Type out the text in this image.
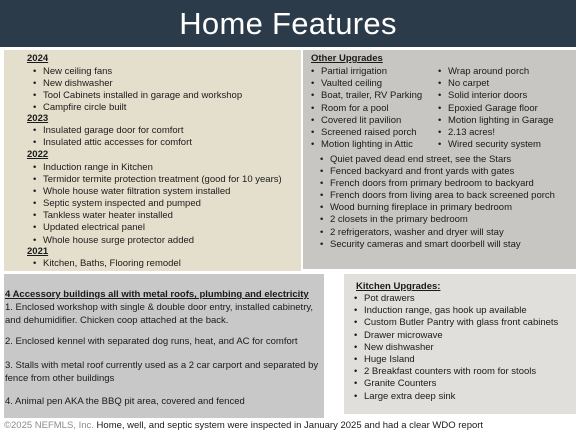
Home Features
2024
• New ceiling fans
• New dishwasher
• Tool Cabinets installed in garage and workshop
• Campfire circle built
2023
• Insulated garage door for comfort
• Insulated attic accesses for comfort
2022
• Induction range in Kitchen
• Termidor termite protection treatment (good for 10 years)
• Whole house water filtration system installed
• Septic system inspected and pumped
• Tankless water heater installed
• Updated electrical panel
• Whole house surge protector added
2021
• Kitchen, Baths, Flooring remodel
Other Upgrades
• Partial irrigation
• Vaulted ceiling
• Boat, trailer, RV Parking
• Room for a pool
• Covered lit pavilion
• Screened raised porch
• Motion lighting in Attic
• Wrap around porch
• No carpet
• Solid interior doors
• Epoxied Garage floor
• Motion lighting in Garage
• 2.13 acres!
• Wired security system
• Quiet paved dead end street, see the Stars
• Fenced backyard and front yards with gates
• French doors from primary bedroom to backyard
• French doors from living area to back screened porch
• Wood burning fireplace in primary bedroom
• 2 closets in the primary bedroom
• 2 refrigerators, washer and dryer will stay
• Security cameras and smart doorbell will stay
4 Accessory buildings all with metal roofs, plumbing and electricity
1. Enclosed workshop with single & double door entry, installed cabinetry, and dehumidifier. Chicken coop attached at the back.
2. Enclosed kennel with separated dog runs, heat, and AC for comfort
3. Stalls with metal roof currently used as a 2 car carport and separated by fence from other buildings
4. Animal pen AKA the BBQ pit area, covered and fenced
Kitchen Upgrades:
• Pot drawers
• Induction range, gas hook up available
• Custom Butler Pantry with glass front cabinets
• Drawer microwave
• New dishwasher
• Huge Island
• 2 Breakfast counters with room for stools
• Granite Counters
• Large extra deep sink
©2025 NEFMLS, Inc. Home, well, and septic system were inspected in January 2025 and had a clear WDO report
